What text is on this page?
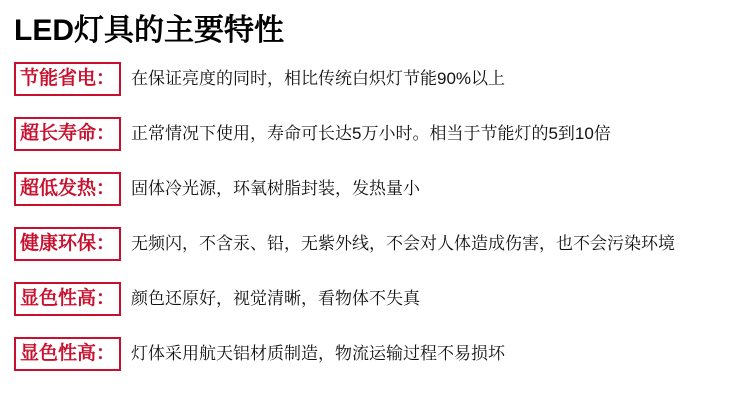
LED灯具的主要特性
节能省电： 在保证亮度的同时，相比传统白炽灯节能90%以上
超长寿命： 正常情况下使用，寿命可长达5万小时。相当于节能灯的5到10倍
超低发热： 固体冷光源，环氧树脂封装，发热量小
健康环保： 无频闪，不含汞、铅，无紫外线，不会对人体造成伤害，也不会污染环境
显色性高： 颜色还原好，视觉清晰，看物体不失真
显色性高： 灯体采用航天铝材质制造，物流运输过程不易损坏
